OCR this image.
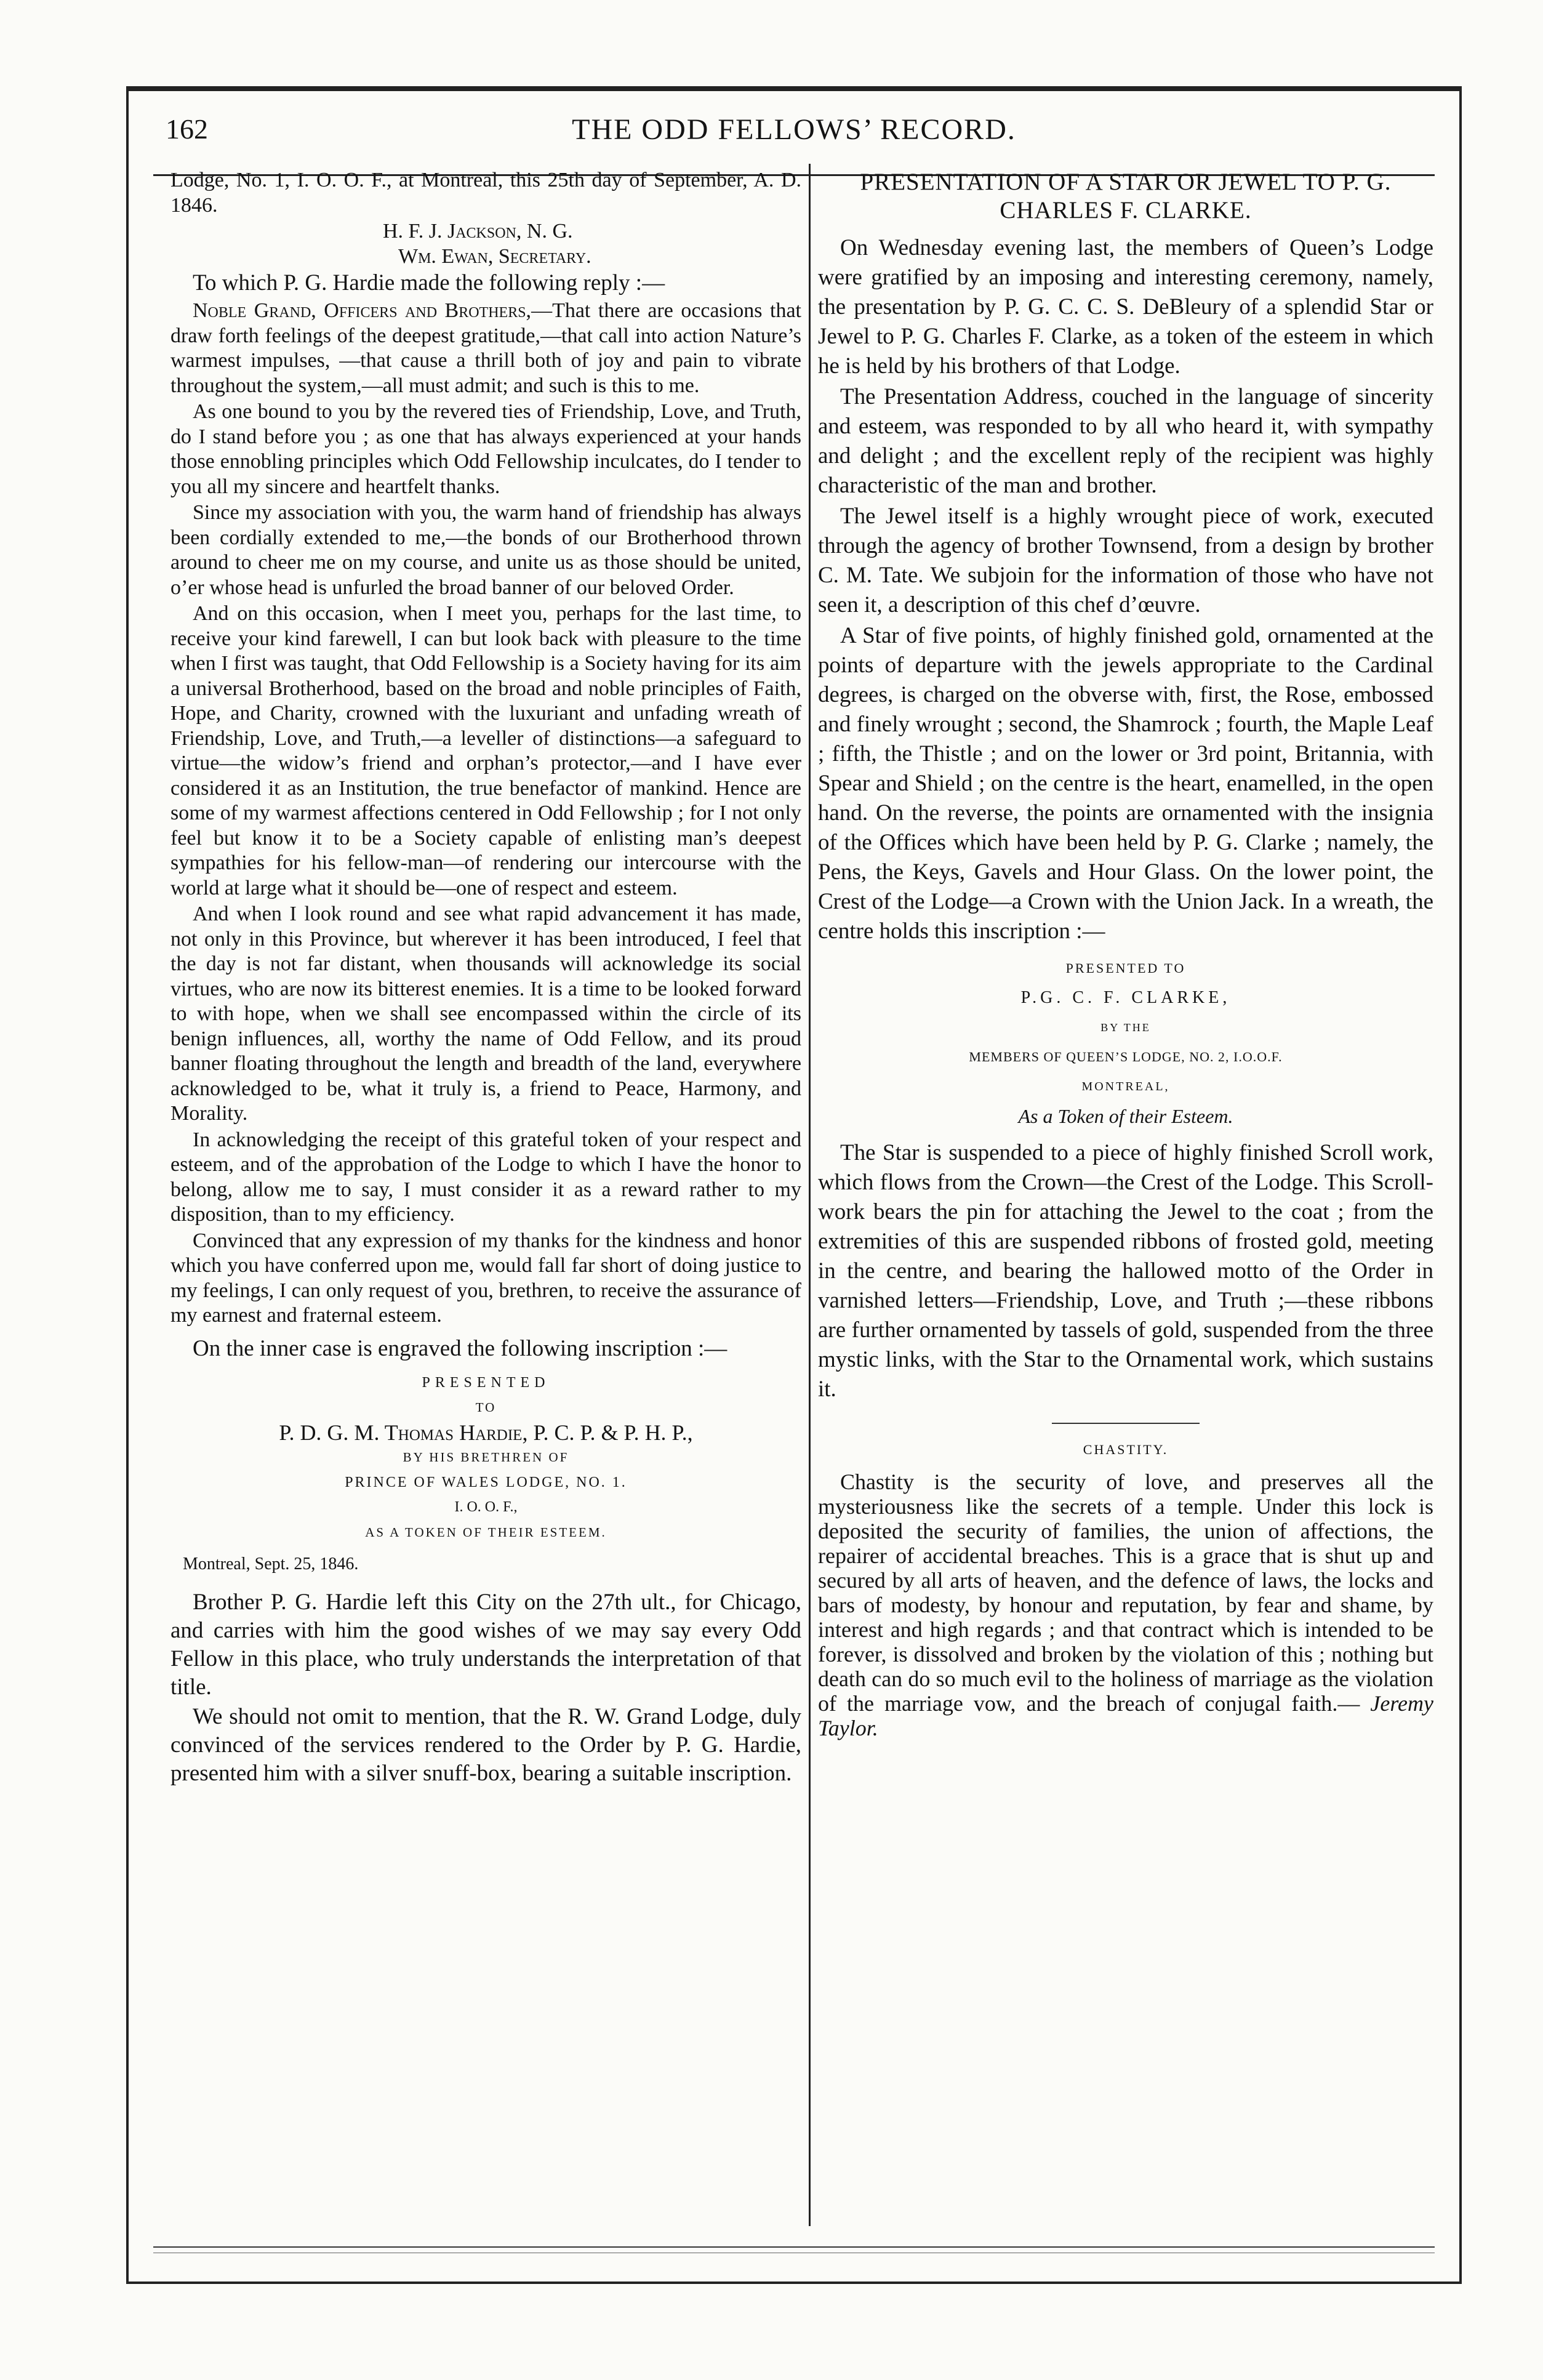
162	THE ODD FELLOWS’ RECORD.

Lodge, No. 1, I. O. O. F., at Montreal, this 25th day of September, A. D. 1846.

H. F. J. Jackson, N. G.

Wm. Ewan, Secretary.

To which P. G. Hardie made the following reply :—

Noble Grand, Officers and Brothers,—That there are occasions that draw forth feelings of the deepest gratitude,—that call into action Nature’s warmest impulses, —that cause a thrill both of joy and pain to vibrate throughout the system,—all must admit; and such is this to me.

As one bound to you by the revered ties of Friendship, Love, and Truth, do I stand before you ; as one that has always experienced at your hands those ennobling principles which Odd Fellowship inculcates, do I tender to you all my sincere and heartfelt thanks.

Since my association with you, the warm hand of friendship has always been cordially extended to me,—the bonds of our Brotherhood thrown around to cheer me on my course, and unite us as those should be united, o’er whose head is unfurled the broad banner of our beloved Order.

And on this occasion, when I meet you, perhaps for the last time, to receive your kind farewell, I can but look back with pleasure to the time when I first was taught, that Odd Fellowship is a Society having for its aim a universal Brotherhood, based on the broad and noble principles of Faith, Hope, and Charity, crowned with the luxuriant and unfading wreath of Friendship, Love, and Truth,—a leveller of distinctions—a safeguard to virtue—the widow’s friend and orphan’s protector,—and I have ever considered it as an Institution, the true benefactor of mankind. Hence are some of my warmest affections centered in Odd Fellowship ; for I not only feel but know it to be a Society capable of enlisting man’s deepest sympathies for his fellow-man—of rendering our intercourse with the world at large what it should be—one of respect and esteem.

And when I look round and see what rapid advancement it has made, not only in this Province, but wherever it has been introduced, I feel that the day is not far distant, when thousands will acknowledge its social virtues, who are now its bitterest enemies. It is a time to be looked forward to with hope, when we shall see encompassed within the circle of its benign influences, all, worthy the name of Odd Fellow, and its proud banner floating throughout the length and breadth of the land, everywhere acknowledged to be, what it truly is, a friend to Peace, Harmony, and Morality.

In acknowledging the receipt of this grateful token of your respect and esteem, and of the approbation of the Lodge to which I have the honor to belong, allow me to say, I must consider it as a reward rather to my disposition, than to my efficiency.

Convinced that any expression of my thanks for the kindness and honor which you have conferred upon me, would fall far short of doing justice to my feelings, I can only request of you, brethren, to receive the assurance of my earnest and fraternal esteem.

On the inner case is engraved the following inscription :—

PRESENTED
TO
P. D. G. M. Thomas Hardie, P. C. P. & P. H. P.,
BY HIS BRETHREN OF
PRINCE OF WALES LODGE, NO. 1.
I. O. O. F.,
AS A TOKEN OF THEIR ESTEEM.

Montreal, Sept. 25, 1846.

Brother P. G. Hardie left this City on the 27th ult., for Chicago, and carries with him the good wishes of we may say every Odd Fellow in this place, who truly understands the interpretation of that title.

We should not omit to mention, that the R. W. Grand Lodge, duly convinced of the services rendered to the Order by P. G. Hardie, presented him with a silver snuff-box, bearing a suitable inscription.

PRESENTATION OF A STAR OR JEWEL TO P. G. CHARLES F. CLARKE.

On Wednesday evening last, the members of Queen’s Lodge were gratified by an imposing and interesting ceremony, namely, the presentation by P. G. C. C. S. DeBleury of a splendid Star or Jewel to P. G. Charles F. Clarke, as a token of the esteem in which he is held by his brothers of that Lodge.

The Presentation Address, couched in the language of sincerity and esteem, was responded to by all who heard it, with sympathy and delight ; and the excellent reply of the recipient was highly characteristic of the man and brother.

The Jewel itself is a highly wrought piece of work, executed through the agency of brother Townsend, from a design by brother C. M. Tate. We subjoin for the information of those who have not seen it, a description of this chef d’œuvre.

A Star of five points, of highly finished gold, ornamented at the points of departure with the jewels appropriate to the Cardinal degrees, is charged on the obverse with, first, the Rose, embossed and finely wrought ; second, the Shamrock ; fourth, the Maple Leaf ; fifth, the Thistle ; and on the lower or 3rd point, Britannia, with Spear and Shield ; on the centre is the heart, enamelled, in the open hand. On the reverse, the points are ornamented with the insignia of the Offices which have been held by P. G. Clarke ; namely, the Pens, the Keys, Gavels and Hour Glass. On the lower point, the Crest of the Lodge—a Crown with the Union Jack. In a wreath, the centre holds this inscription :—

PRESENTED TO
P.G. C. F. CLARKE,
BY THE
MEMBERS OF QUEEN’S LODGE, NO. 2, I.O.O.F.
MONTREAL,
As a Token of their Esteem.

The Star is suspended to a piece of highly finished Scroll work, which flows from the Crown—the Crest of the Lodge. This Scroll-work bears the pin for attaching the Jewel to the coat ; from the extremities of this are suspended ribbons of frosted gold, meeting in the centre, and bearing the hallowed motto of the Order in varnished letters—Friendship, Love, and Truth ;—these ribbons are further ornamented by tassels of gold, suspended from the three mystic links, with the Star to the Ornamental work, which sustains it.

CHASTITY.

Chastity is the security of love, and preserves all the mysteriousness like the secrets of a temple. Under this lock is deposited the security of families, the union of affections, the repairer of accidental breaches. This is a grace that is shut up and secured by all arts of heaven, and the defence of laws, the locks and bars of modesty, by honour and reputation, by fear and shame, by interest and high regards ; and that contract which is intended to be forever, is dissolved and broken by the violation of this ; nothing but death can do so much evil to the holiness of marriage as the violation of the marriage vow, and the breach of conjugal faith.— Jeremy Taylor.
